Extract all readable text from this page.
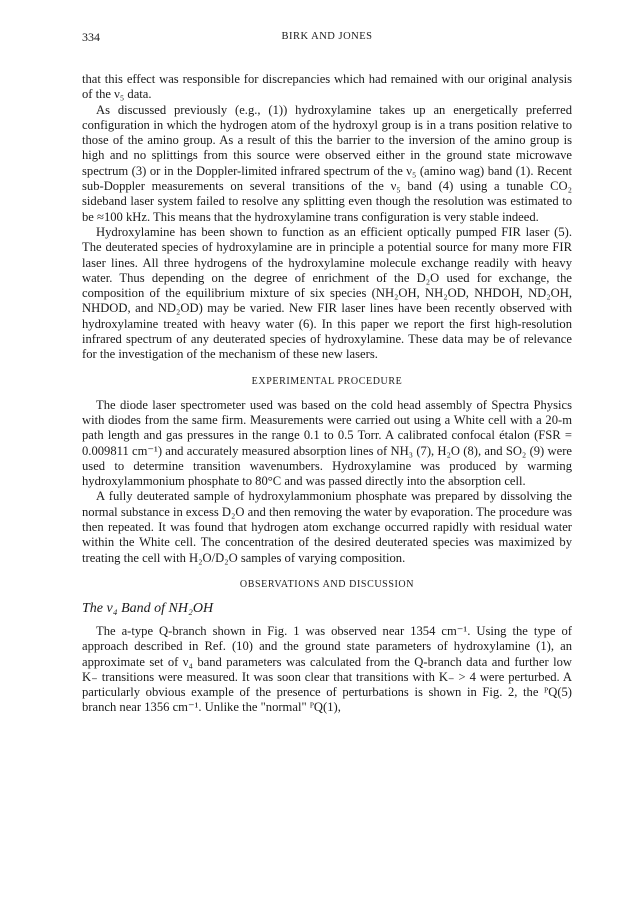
334	BIRK AND JONES

that this effect was responsible for discrepancies which had remained with our original analysis of the ν₅ data.

As discussed previously (e.g., (1)) hydroxylamine takes up an energetically preferred configuration in which the hydrogen atom of the hydroxyl group is in a trans position relative to those of the amino group. As a result of this the barrier to the inversion of the amino group is high and no splittings from this source were observed either in the ground state microwave spectrum (3) or in the Doppler-limited infrared spectrum of the ν₅ (amino wag) band (1). Recent sub-Doppler measurements on several transitions of the ν₅ band (4) using a tunable CO₂ sideband laser system failed to resolve any splitting even though the resolution was estimated to be ≈100 kHz. This means that the hydroxylamine trans configuration is very stable indeed.

Hydroxylamine has been shown to function as an efficient optically pumped FIR laser (5). The deuterated species of hydroxylamine are in principle a potential source for many more FIR laser lines. All three hydrogens of the hydroxylamine molecule exchange readily with heavy water. Thus depending on the degree of enrichment of the D₂O used for exchange, the composition of the equilibrium mixture of six species (NH₂OH, NH₂OD, NHDOH, ND₂OH, NHDOD, and ND₂OD) may be varied. New FIR laser lines have been recently observed with hydroxylamine treated with heavy water (6). In this paper we report the first high-resolution infrared spectrum of any deuterated species of hydroxylamine. These data may be of relevance for the investigation of the mechanism of these new lasers.

EXPERIMENTAL PROCEDURE

The diode laser spectrometer used was based on the cold head assembly of Spectra Physics with diodes from the same firm. Measurements were carried out using a White cell with a 20-m path length and gas pressures in the range 0.1 to 0.5 Torr. A calibrated confocal étalon (FSR = 0.009811 cm⁻¹) and accurately measured absorption lines of NH₃ (7), H₂O (8), and SO₂ (9) were used to determine transition wavenumbers. Hydroxylamine was produced by warming hydroxylammonium phosphate to 80°C and was passed directly into the absorption cell.

A fully deuterated sample of hydroxylammonium phosphate was prepared by dissolving the normal substance in excess D₂O and then removing the water by evaporation. The procedure was then repeated. It was found that hydrogen atom exchange occurred rapidly with residual water within the White cell. The concentration of the desired deuterated species was maximized by treating the cell with H₂O/D₂O samples of varying composition.

OBSERVATIONS AND DISCUSSION
The ν₄ Band of NH₂OH

The a-type Q-branch shown in Fig. 1 was observed near 1354 cm⁻¹. Using the type of approach described in Ref. (10) and the ground state parameters of hydroxylamine (1), an approximate set of ν₄ band parameters was calculated from the Q-branch data and further low K₋ transitions were measured. It was soon clear that transitions with K₋ > 4 were perturbed. A particularly obvious example of the presence of perturbations is shown in Fig. 2, the ᴾQ(5) branch near 1356 cm⁻¹. Unlike the "normal" ᴾQ(1),
